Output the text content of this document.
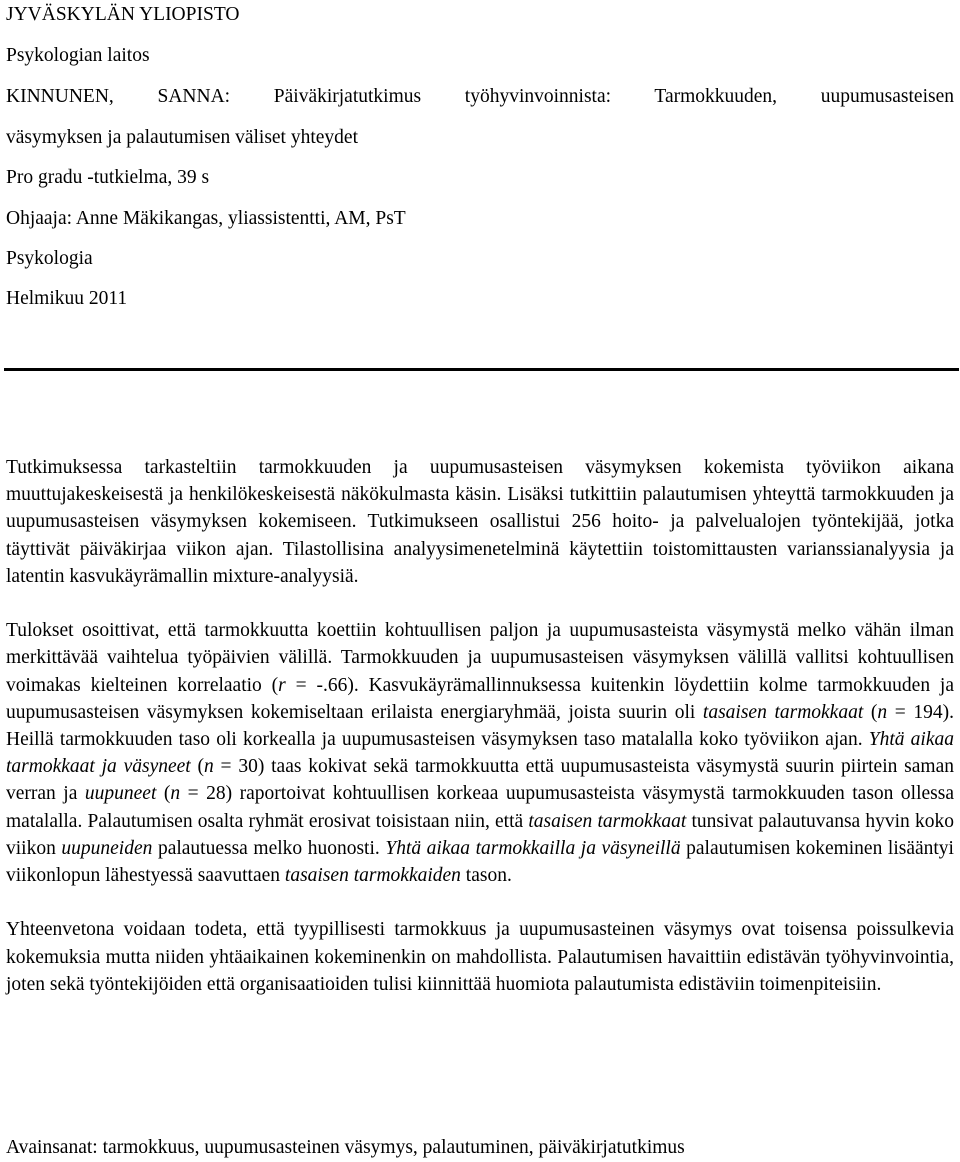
JYVÄSKYLÄN YLIOPISTO
Psykologian laitos
KINNUNEN, SANNA: Päiväkirjatutkimus työhyvinvoinnista: Tarmokkuuden, uupumusasteisen
väsymyksen ja palautumisen väliset yhteydet
Pro gradu -tutkielma, 39 s
Ohjaaja: Anne Mäkikangas, yliassistentti, AM, PsT
Psykologia
Helmikuu 2011

Tutkimuksessa tarkasteltiin tarmokkuuden ja uupumusasteisen väsymyksen kokemista työviikon aikana muuttujakeskeisestä ja henkilökeskeisestä näkökulmasta käsin. Lisäksi tutkittiin palautumisen yhteyttä tarmokkuuden ja uupumusasteisen väsymyksen kokemiseen. Tutkimukseen osallistui 256 hoito- ja palvelualojen työntekijää, jotka täyttivät päiväkirjaa viikon ajan. Tilastollisina analyysimenetelminä käytettiin toistomittausten varianssianalyysia ja latentin kasvukäyrämallin mixture-analyysiä.

Tulokset osoittivat, että tarmokkuutta koettiin kohtuullisen paljon ja uupumusasteista väsymystä melko vähän ilman merkittävää vaihtelua työpäivien välillä. Tarmokkuuden ja uupumusasteisen väsymyksen välillä vallitsi kohtuullisen voimakas kielteinen korrelaatio (r = -.66). Kasvukäyrämallinnuksessa kuitenkin löydettiin kolme tarmokkuuden ja uupumusasteisen väsymyksen kokemiseltaan erilaista energiaryhmää, joista suurin oli tasaisen tarmokkaat (n = 194). Heillä tarmokkuuden taso oli korkealla ja uupumusasteisen väsymyksen taso matalalla koko työviikon ajan. Yhtä aikaa tarmokkaat ja väsyneet (n = 30) taas kokivat sekä tarmokkuutta että uupumusasteista väsymystä suurin piirtein saman verran ja uupuneet (n = 28) raportoivat kohtuullisen korkeaa uupumusasteista väsymystä tarmokkuuden tason ollessa matalalla. Palautumisen osalta ryhmät erosivat toisistaan niin, että tasaisen tarmokkaat tunsivat palautuvansa hyvin koko viikon uupuneiden palautuessa melko huonosti. Yhtä aikaa tarmokkailla ja väsyneillä palautumisen kokeminen lisääntyi viikonlopun lähestyessä saavuttaen tasaisen tarmokkaiden tason.

Yhteenvetona voidaan todeta, että tyypillisesti tarmokkuus ja uupumusasteinen väsymys ovat toisensa poissulkevia kokemuksia mutta niiden yhtäaikainen kokeminenkin on mahdollista. Palautumisen havaittiin edistävän työhyvinvointia, joten sekä työntekijöiden että organisaatioiden tulisi kiinnittää huomiota palautumista edistäviin toimenpiteisiin.

Avainsanat: tarmokkuus, uupumusasteinen väsymys, palautuminen, päiväkirjatutkimus
